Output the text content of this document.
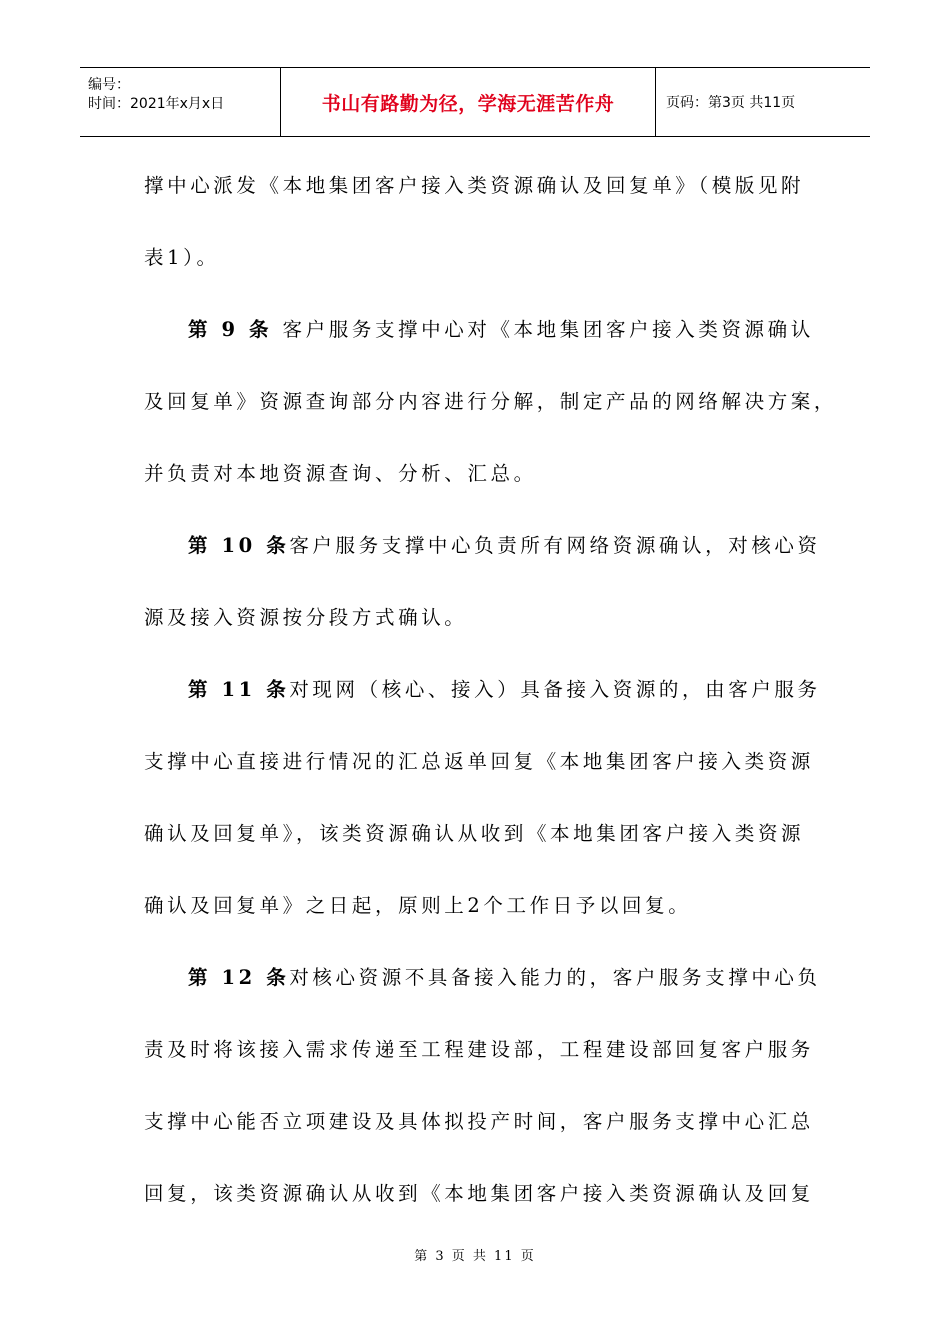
编号：
时间：2021年x月x日	书山有路勤为径，学海无涯苦作舟	页码：第3页 共11页
撑中心派发《本地集团客户接入类资源确认及回复单》（模版见附
表1）。
第 9 条 客户服务支撑中心对《本地集团客户接入类资源确认
及回复单》资源查询部分内容进行分解，制定产品的网络解决方案，
并负责对本地资源查询、分析、汇总。
第 10 条客户服务支撑中心负责所有网络资源确认，对核心资
源及接入资源按分段方式确认。
第 11 条对现网（核心、接入）具备接入资源的，由客户服务
支撑中心直接进行情况的汇总返单回复《本地集团客户接入类资源
确认及回复单》，该类资源确认从收到《本地集团客户接入类资源
确认及回复单》之日起，原则上2个工作日予以回复。
第 12 条对核心资源不具备接入能力的，客户服务支撑中心负
责及时将该接入需求传递至工程建设部，工程建设部回复客户服务
支撑中心能否立项建设及具体拟投产时间，客户服务支撑中心汇总
回复，该类资源确认从收到《本地集团客户接入类资源确认及回复
第 3 页 共 11 页
